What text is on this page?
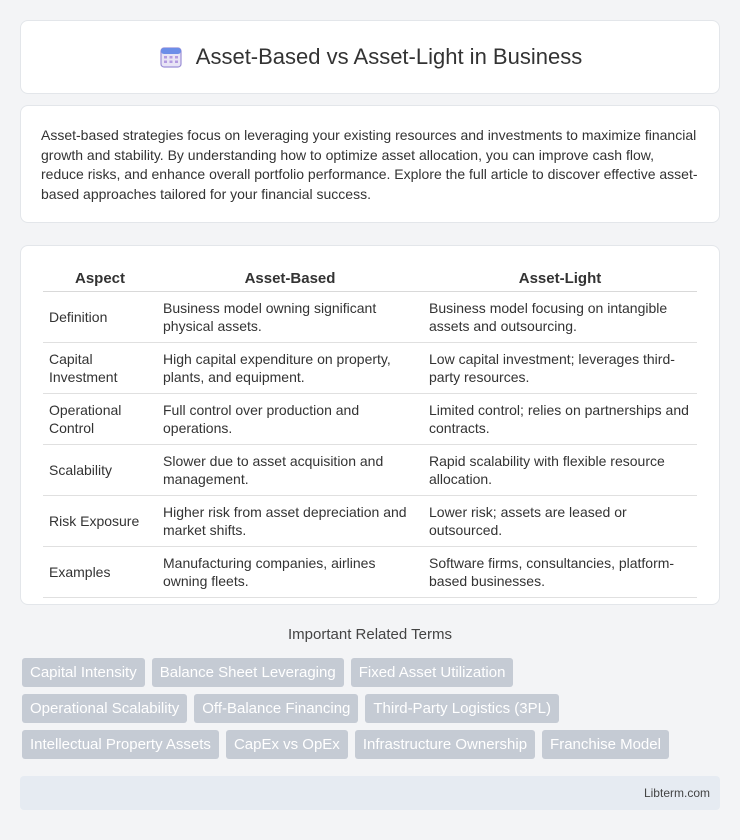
Asset-Based vs Asset-Light in Business

Asset-based strategies focus on leveraging your existing resources and investments to maximize financial growth and stability. By understanding how to optimize asset allocation, you can improve cash flow, reduce risks, and enhance overall portfolio performance. Explore the full article to discover effective asset-based approaches tailored for your financial success.

Aspect	Asset-Based	Asset-Light
Definition	Business model owning significant physical assets.	Business model focusing on intangible assets and outsourcing.
Capital Investment	High capital expenditure on property, plants, and equipment.	Low capital investment; leverages third-party resources.
Operational Control	Full control over production and operations.	Limited control; relies on partnerships and contracts.
Scalability	Slower due to asset acquisition and management.	Rapid scalability with flexible resource allocation.
Risk Exposure	Higher risk from asset depreciation and market shifts.	Lower risk; assets are leased or outsourced.
Examples	Manufacturing companies, airlines owning fleets.	Software firms, consultancies, platform-based businesses.
Important Related Terms
Capital Intensity	Balance Sheet Leveraging	Fixed Asset Utilization
Operational Scalability	Off-Balance Financing	Third-Party Logistics (3PL)
Intellectual Property Assets	CapEx vs OpEx	Infrastructure Ownership	Franchise Model
Libterm.com
